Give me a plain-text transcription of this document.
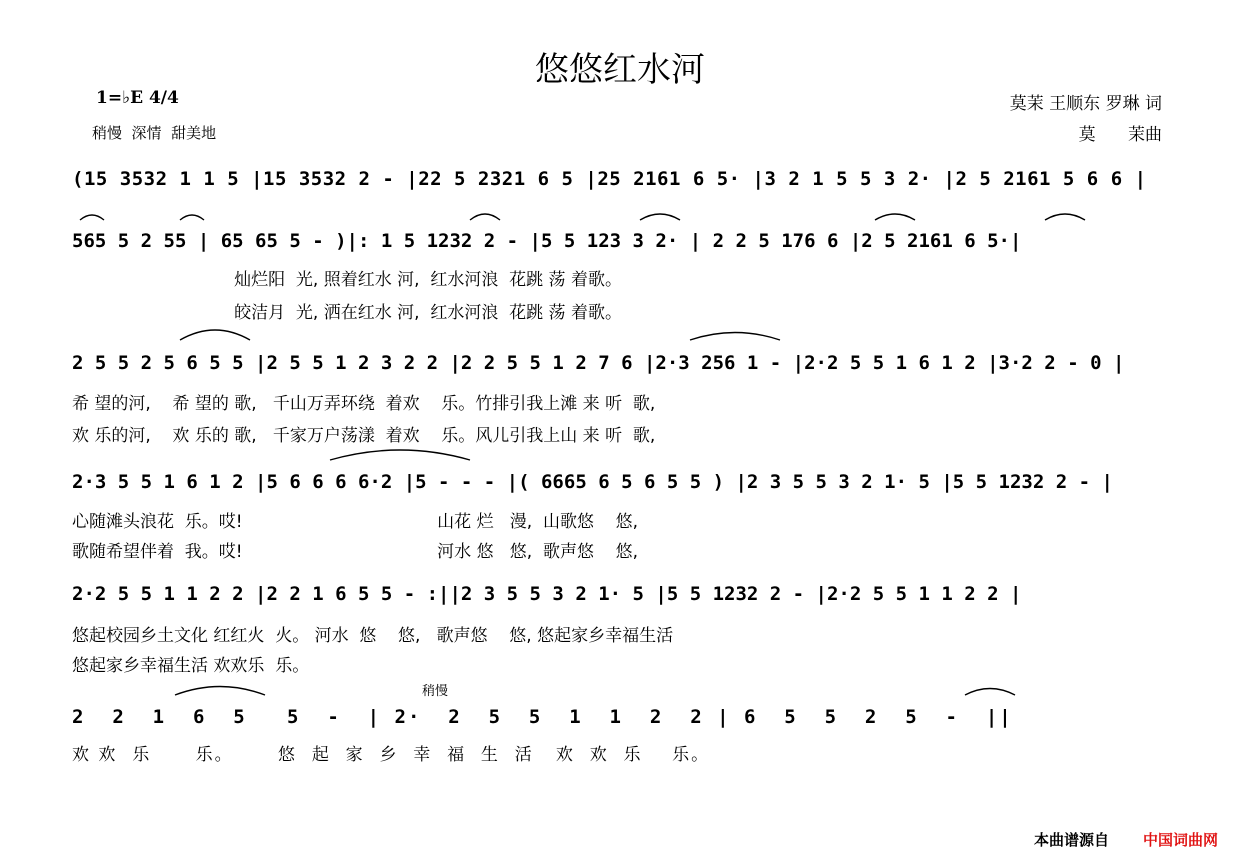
悠悠红水河
1=♭E 4/4
稍慢  深情  甜美地
莫茉 王顺东 罗琳 词
莫      茉曲
(15 3532 1 1 5 |15 3532 2 - |22 5 2321 6 5 |25 2161 6 5· |3 2 1 5 5 3 2· |2 5 2161 5 6 6 |
565 5 2 55 | 65 65 5 - )|: 1 5 1232 2 - |5 5 123 3 2· | 2 2 5 176 6 |2 5 2161 6 5·|
灿烂阳  光, 照着红水 河,  红水河浪  花跳 荡 着歌。
皎洁月  光, 洒在红水 河,  红水河浪  花跳 荡 着歌。
2 5 5 2 5 6 5 5 |2 5 5 1 2 3 2 2 |2 2 5 5 1 2 7 6 |2·3 256 1 - |2·2 5 5 1 6 1 2 |3·2 2 - 0 |
希 望的河,    希 望的 歌,   千山万弄环绕  着欢    乐。竹排引我上滩 来 听  歌,
欢 乐的河,    欢 乐的 歌,   千家万户荡漾  着欢    乐。风儿引我上山 来 听  歌,
2·3 5 5 1 6 1 2 |5 6 6 6 6·2 |5 - - - |( 6665 6 5 6 5 5 ) |2 3 5 5 3 2 1· 5 |5 5 1232 2 - |
心随滩头浪花  乐。哎!                                    山花 烂   漫,  山歌悠    悠,
歌随希望伴着  我。哎!                                    河水 悠   悠,  歌声悠    悠,
2·2 5 5 1 1 2 2 |2 2 1 6 5 5 - :||2 3 5 5 3 2 1· 5 |5 5 1232 2 - |2·2 5 5 1 1 2 2 |
悠起校园乡土文化 红红火  火。 河水  悠    悠,   歌声悠    悠, 悠起家乡幸福生活
悠起家乡幸福生活 欢欢乐  乐。
稍慢
2  2  1  6  5   5  -  | 2·  2  5  5  1  1  2  2 | 6  5  5  2  5  -  ||
欢 欢  乐      乐。      悠  起  家  乡  幸  福  生  活   欢  欢  乐    乐。
本曲谱源自 中国词曲网
